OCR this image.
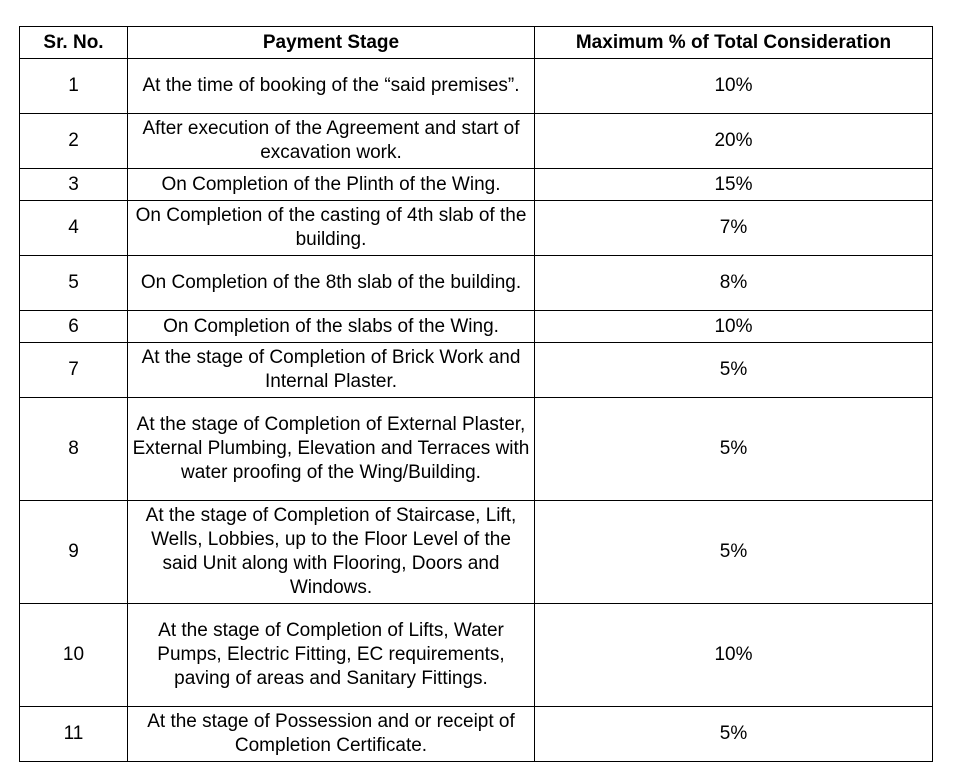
Sr. No.	Payment Stage	Maximum % of Total Consideration
1	At the time of booking of the “said premises”.	10%
2	After execution of the Agreement and start of excavation work.	20%
3	On Completion of the Plinth of the Wing.	15%
4	On Completion of the casting of 4th slab of the building.	7%
5	On Completion of the 8th slab of the building.	8%
6	On Completion of the slabs of the Wing.	10%
7	At the stage of Completion of Brick Work and Internal Plaster.	5%
8	At the stage of Completion of External Plaster, External Plumbing, Elevation and Terraces with water proofing of the Wing/Building.	5%
9	At the stage of Completion of Staircase, Lift, Wells, Lobbies, up to the Floor Level of the said Unit along with Flooring, Doors and Windows.	5%
10	At the stage of Completion of Lifts, Water Pumps, Electric Fitting, EC requirements, paving of areas and Sanitary Fittings.	10%
11	At the stage of Possession and or receipt of Completion Certificate.	5%
